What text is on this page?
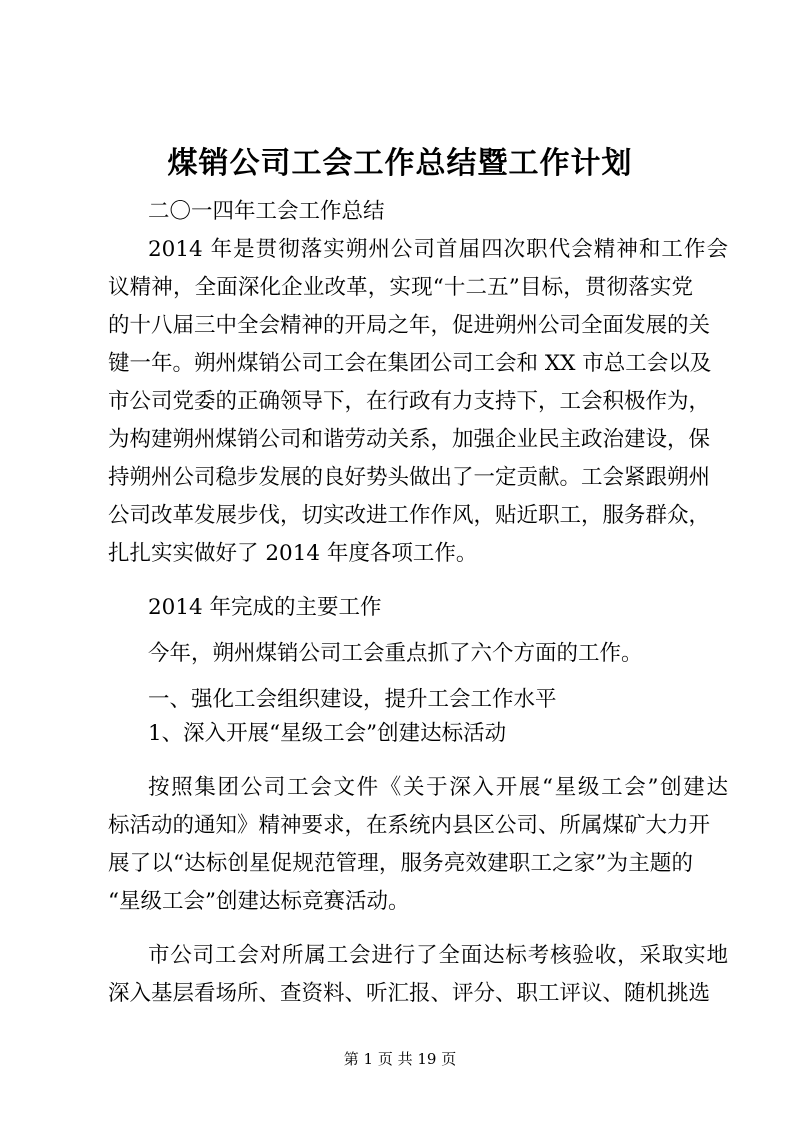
煤销公司工会工作总结暨工作计划

二〇一四年工会工作总结

2014 年是贯彻落实朔州公司首届四次职代会精神和工作会

议精神，全面深化企业改革，实现“十二五”目标，贯彻落实党

的十八届三中全会精神的开局之年，促进朔州公司全面发展的关

键一年。朔州煤销公司工会在集团公司工会和 XX 市总工会以及

市公司党委的正确领导下，在行政有力支持下，工会积极作为，

为构建朔州煤销公司和谐劳动关系，加强企业民主政治建设，保

持朔州公司稳步发展的良好势头做出了一定贡献。工会紧跟朔州

公司改革发展步伐，切实改进工作作风，贴近职工，服务群众，

扎扎实实做好了 2014 年度各项工作。

2014 年完成的主要工作

今年，朔州煤销公司工会重点抓了六个方面的工作。

一、强化工会组织建设，提升工会工作水平

1、深入开展“星级工会”创建达标活动

按照集团公司工会文件《关于深入开展“星级工会”创建达

标活动的通知》精神要求，在系统内县区公司、所属煤矿大力开

展了以“达标创星促规范管理，服务亮效建职工之家”为主题的

“星级工会”创建达标竞赛活动。

市公司工会对所属工会进行了全面达标考核验收，采取实地

深入基层看场所、查资料、听汇报、评分、职工评议、随机挑选

第 1 页 共 19 页
